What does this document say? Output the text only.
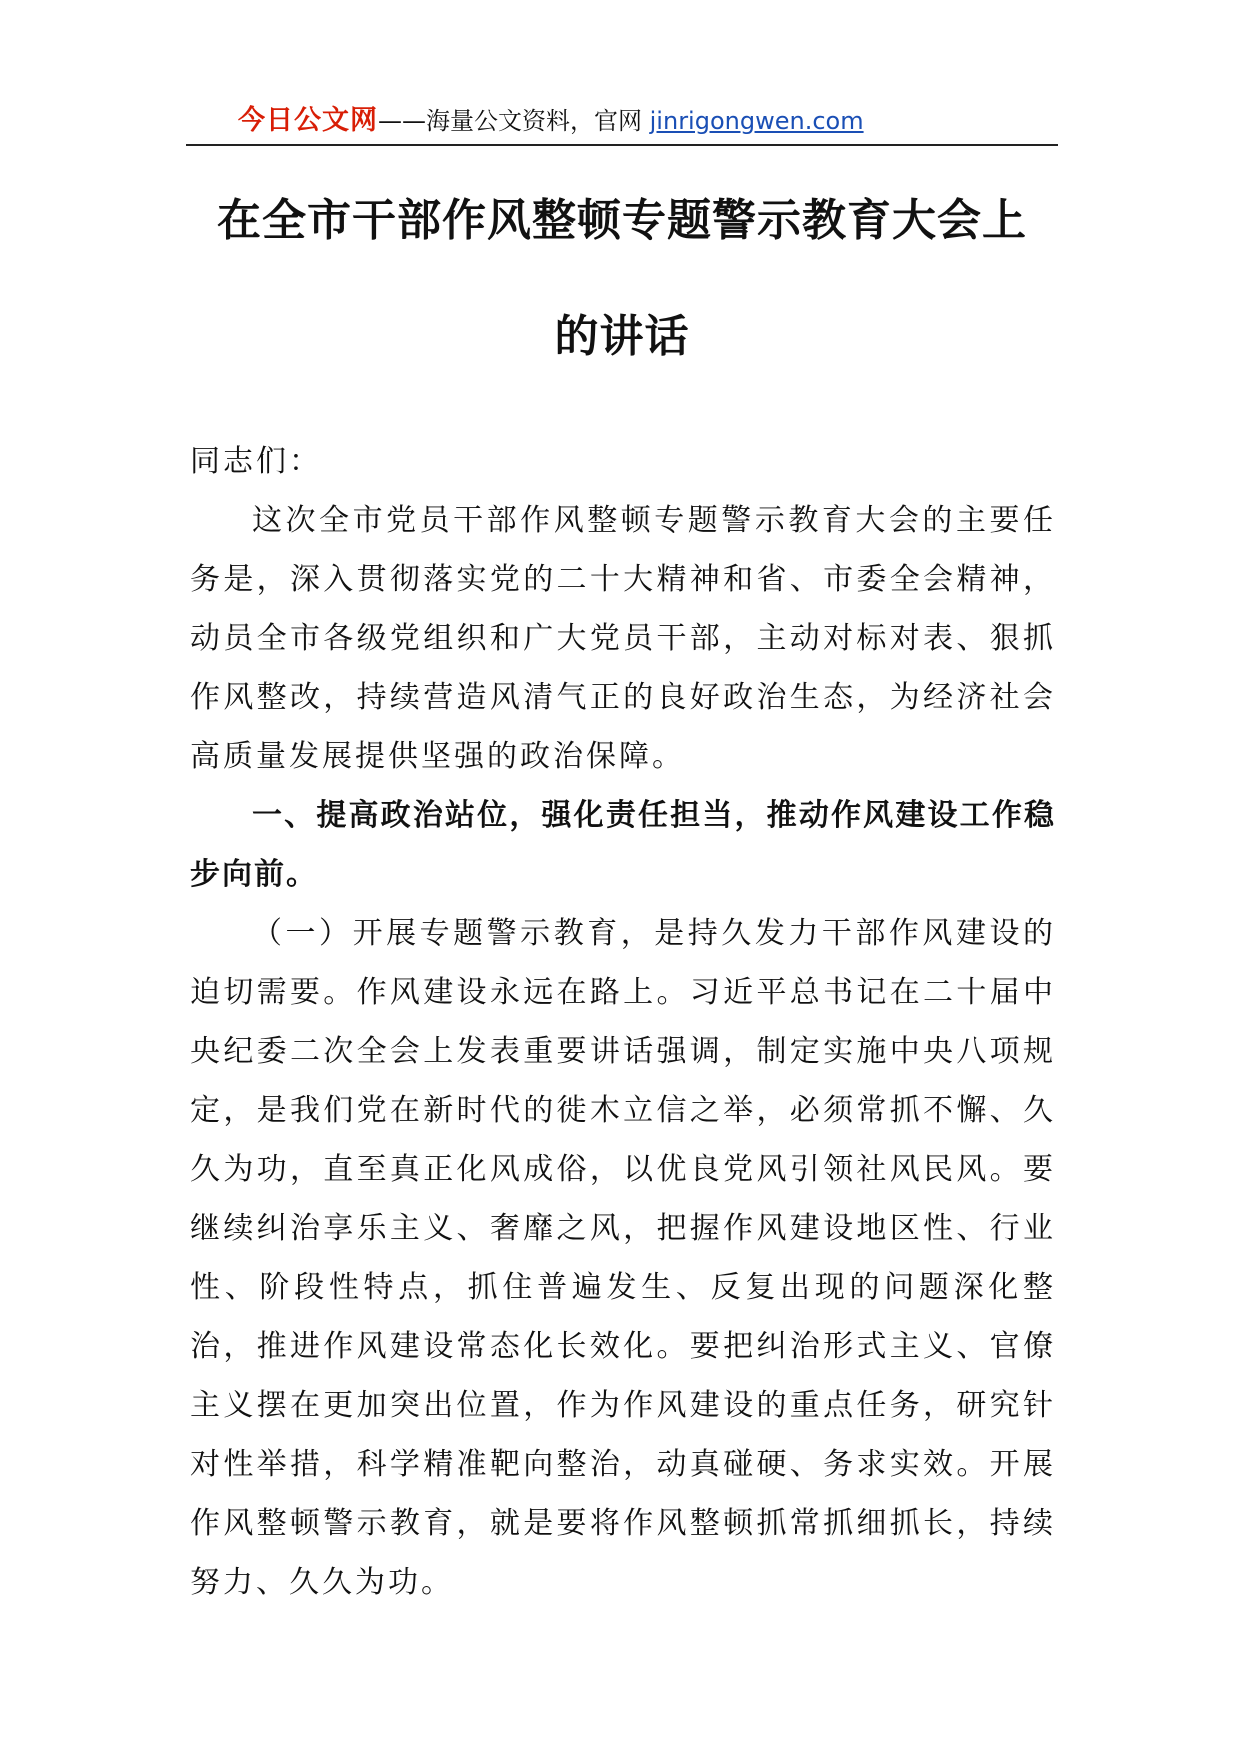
今日公文网——海量公文资料，官网 jinrigongwen.com
在全市干部作风整顿专题警示教育大会上
的讲话

同志们：

这次全市党员干部作风整顿专题警示教育大会的主要任务是，深入贯彻落实党的二十大精神和省、市委全会精神，动员全市各级党组织和广大党员干部，主动对标对表、狠抓作风整改，持续营造风清气正的良好政治生态，为经济社会高质量发展提供坚强的政治保障。

一、提高政治站位，强化责任担当，推动作风建设工作稳步向前。

（一）开展专题警示教育，是持久发力干部作风建设的迫切需要。作风建设永远在路上。习近平总书记在二十届中央纪委二次全会上发表重要讲话强调，制定实施中央八项规定，是我们党在新时代的徙木立信之举，必须常抓不懈、久久为功，直至真正化风成俗，以优良党风引领社风民风。要继续纠治享乐主义、奢靡之风，把握作风建设地区性、行业性、阶段性特点，抓住普遍发生、反复出现的问题深化整治，推进作风建设常态化长效化。要把纠治形式主义、官僚主义摆在更加突出位置，作为作风建设的重点任务，研究针对性举措，科学精准靶向整治，动真碰硬、务求实效。开展作风整顿警示教育，就是要将作风整顿抓常抓细抓长，持续努力、久久为功。
